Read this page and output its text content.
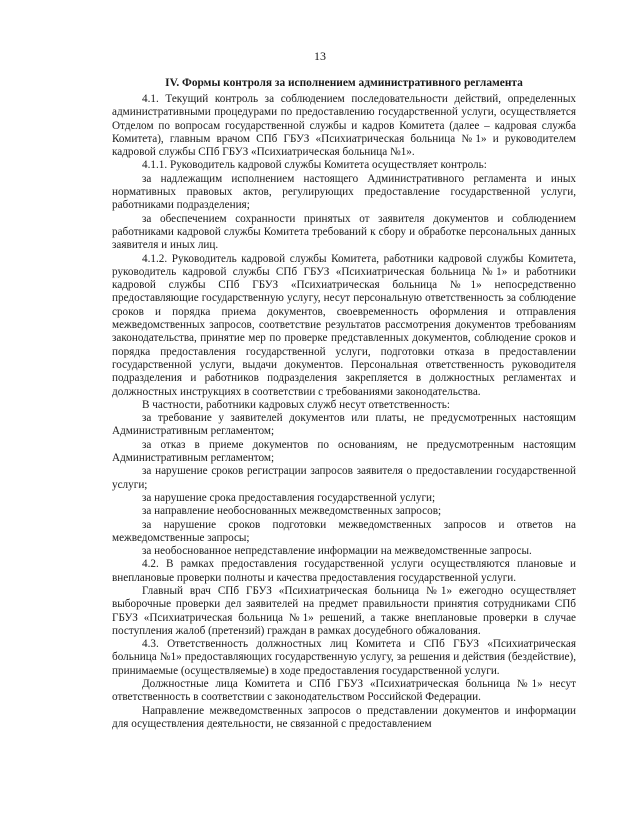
13
IV. Формы контроля за исполнением административного регламента

4.1. Текущий контроль за соблюдением последовательности действий, определенных административными процедурами по предоставлению государственной услуги, осуществляется Отделом по вопросам государственной службы и кадров Комитета (далее – кадровая служба Комитета), главным врачом СПб ГБУЗ «Психиатрическая больница №1» и руководителем кадровой службы СПб ГБУЗ «Психиатрическая больница №1».

4.1.1. Руководитель кадровой службы Комитета осуществляет контроль:

за надлежащим исполнением настоящего Административного регламента и иных нормативных правовых актов, регулирующих предоставление государственной услуги, работниками подразделения;

за обеспечением сохранности принятых от заявителя документов и соблюдением работниками кадровой службы Комитета требований к сбору и обработке персональных данных заявителя и иных лиц.

4.1.2. Руководитель кадровой службы Комитета, работники кадровой службы Комитета, руководитель кадровой службы СПб ГБУЗ «Психиатрическая больница №1» и работники кадровой службы СПб ГБУЗ «Психиатрическая больница №1» непосредственно предоставляющие государственную услугу, несут персональную ответственность за соблюдение сроков и порядка приема документов, своевременность оформления и отправления межведомственных запросов, соответствие результатов рассмотрения документов требованиям законодательства, принятие мер по проверке представленных документов, соблюдение сроков и порядка предоставления государственной услуги, подготовки отказа в предоставлении государственной услуги, выдачи документов. Персональная ответственность руководителя подразделения и работников подразделения закрепляется в должностных регламентах и должностных инструкциях в соответствии с требованиями законодательства.

В частности, работники кадровых служб несут ответственность:

за требование у заявителей документов или платы, не предусмотренных настоящим Административным регламентом;

за отказ в приеме документов по основаниям, не предусмотренным настоящим Административным регламентом;

за нарушение сроков регистрации запросов заявителя о предоставлении государственной услуги;

за нарушение срока предоставления государственной услуги;

за направление необоснованных межведомственных запросов;

за нарушение сроков подготовки межведомственных запросов и ответов на межведомственные запросы;

за необоснованное непредставление информации на межведомственные запросы.

4.2. В рамках предоставления государственной услуги осуществляются плановые и внеплановые проверки полноты и качества предоставления государственной услуги.

Главный врач СПб ГБУЗ «Психиатрическая больница №1» ежегодно осуществляет выборочные проверки дел заявителей на предмет правильности принятия сотрудниками СПб ГБУЗ «Психиатрическая больница №1» решений, а также внеплановые проверки в случае поступления жалоб (претензий) граждан в рамках досудебного обжалования.

4.3. Ответственность должностных лиц Комитета и СПб ГБУЗ «Психиатрическая больница №1» предоставляющих государственную услугу, за решения и действия (бездействие), принимаемые (осуществляемые) в ходе предоставления государственной услуги.

Должностные лица Комитета и СПб ГБУЗ «Психиатрическая больница №1» несут ответственность в соответствии с законодательством Российской Федерации.

Направление межведомственных запросов о представлении документов и информации для осуществления деятельности, не связанной с предоставлением
